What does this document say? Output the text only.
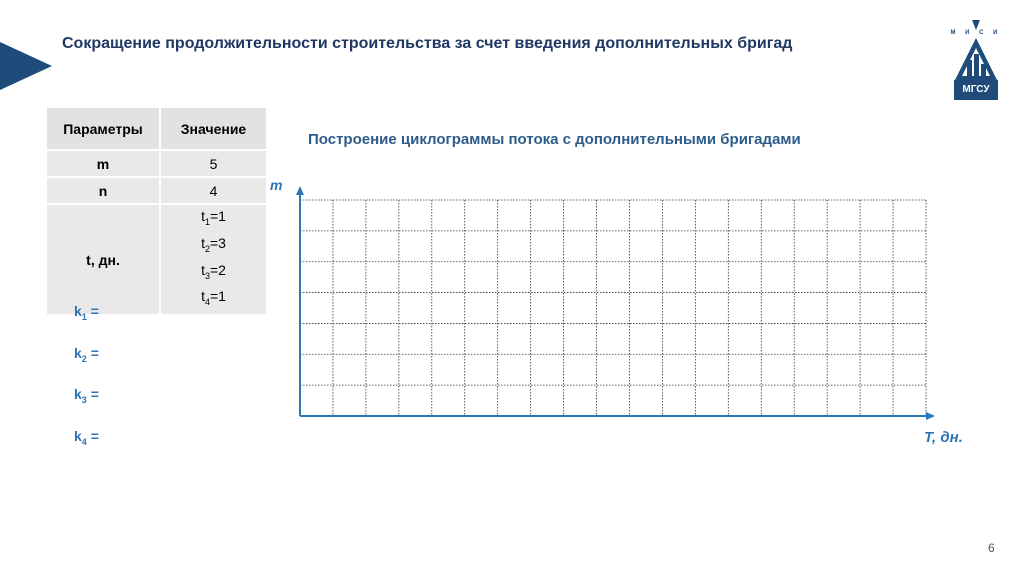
Сокращение продолжительности строительства за счет введения дополнительных бригад
М И С И
МГСУ
Параметры	Значение
m	5
n	4
t, дн.	$t_1=1$
$t_2=3$
$t_3=2$
$t_4=1$
$k_1$ =
$k_2$ =
$k_3$ =
$k_4$ =
Построение циклограммы потока с дополнительными бригадами
m
T, дн.
6
